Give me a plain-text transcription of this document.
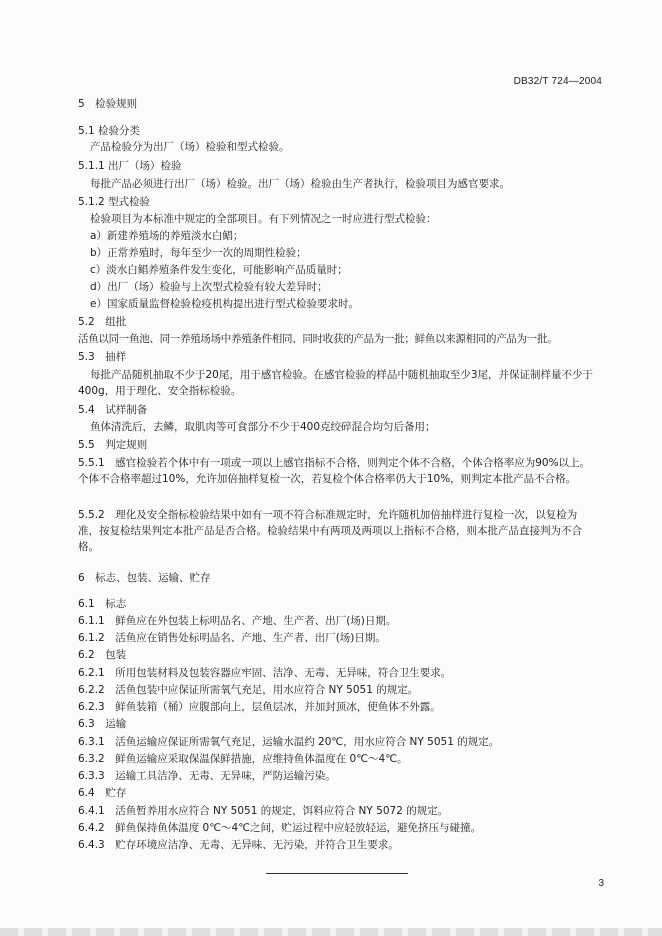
DB32/T 724—2004
5　检验规则
5.1 检验分类
产品检验分为出厂（场）检验和型式检验。
5.1.1 出厂（场）检验
每批产品必须进行出厂（场）检验。出厂（场）检验由生产者执行，检验项目为感官要求。
5.1.2 型式检验
检验项目为本标准中规定的全部项目。有下列情况之一时应进行型式检验：
a）新建养殖场的养殖淡水白鲳；
b）正常养殖时，每年至少一次的周期性检验；
c）淡水白鲳养殖条件发生变化，可能影响产品质量时；
d）出厂（场）检验与上次型式检验有较大差异时；
e）国家质量监督检验检疫机构提出进行型式检验要求时。
5.2　组批
活鱼以同一鱼池、同一养殖场场中养殖条件相同、同时收获的产品为一批；鲜鱼以来源相同的产品为一批。
5.3　抽样
每批产品随机抽取不少于20尾，用于感官检验。在感官检验的样品中随机抽取至少3尾，并保证制样量不少于400g，用于理化、安全指标检验。
5.4　试样制备
鱼体清洗后，去鳞，取肌肉等可食部分不少于400克绞碎混合均匀后备用；
5.5　判定规则
5.5.1　感官检验若个体中有一项或一项以上感官指标不合格，则判定个体不合格，个体合格率应为90%以上。个体不合格率超过10%，允许加倍抽样复检一次，若复检个体合格率仍大于10%，则判定本批产品不合格。
5.5.2　理化及安全指标检验结果中如有一项不符合标准规定时，允许随机加倍抽样进行复检一次，以复检为准，按复检结果判定本批产品是否合格。检验结果中有两项及两项以上指标不合格，则本批产品直接判为不合格。
6　标志、包装、运输、贮存
6.1　标志
6.1.1　鲜鱼应在外包装上标明品名、产地、生产者、出厂(场)日期。
6.1.2　活鱼应在销售处标明品名、产地、生产者、出厂(场)日期。
6.2　包装
6.2.1　所用包装材料及包装容器应牢固、洁净、无毒、无异味，符合卫生要求。
6.2.2　活鱼包装中应保证所需氧气充足，用水应符合 NY 5051 的规定。
6.2.3　鲜鱼装箱（桶）应腹部向上，层鱼层冰，并加封顶冰，使鱼体不外露。
6.3　运输
6.3.1　活鱼运输应保证所需氧气充足，运输水温约 20℃，用水应符合 NY 5051 的规定。
6.3.2　鲜鱼运输应采取保温保鲜措施，应维持鱼体温度在 0℃～4℃。
6.3.3　运输工具洁净、无毒、无异味，严防运输污染。
6.4　贮存
6.4.1　活鱼暂养用水应符合 NY 5051 的规定，饵料应符合 NY 5072 的规定。
6.4.2　鲜鱼保持鱼体温度 0℃～4℃之间，贮运过程中应轻放轻运，避免挤压与碰撞。
6.4.3　贮存环境应洁净、无毒、无异味、无污染，并符合卫生要求。
3
